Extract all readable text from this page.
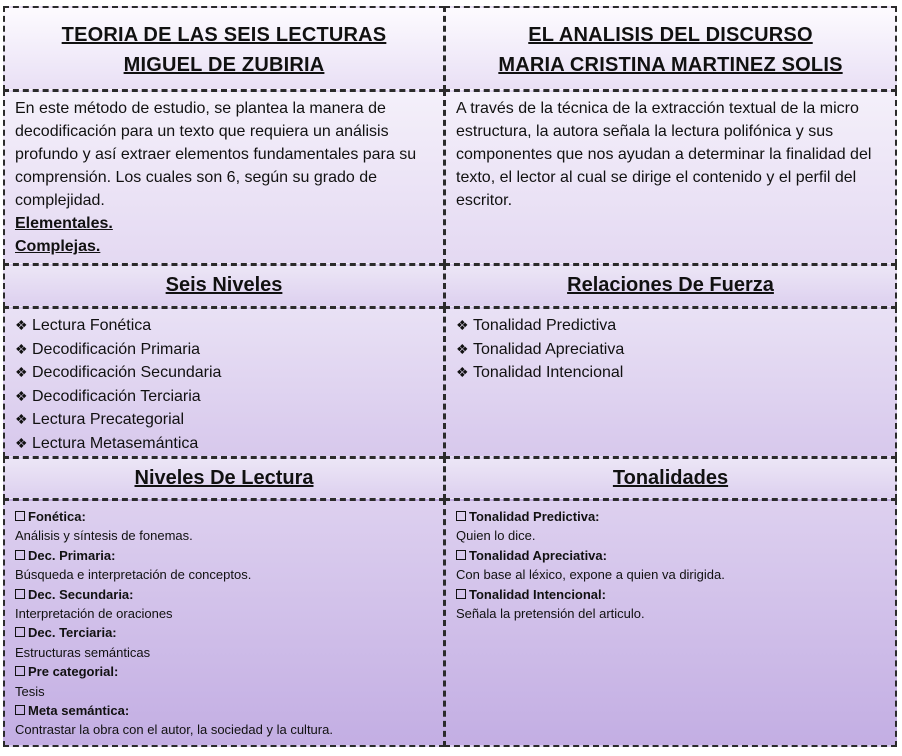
TEORIA DE LAS SEIS LECTURAS
MIGUEL DE ZUBIRIA
EL ANALISIS DEL DISCURSO
MARIA CRISTINA MARTINEZ SOLIS
En este método de estudio, se plantea la manera de decodificación para un texto que requiera un análisis profundo y así extraer elementos fundamentales para su comprensión. Los cuales son 6, según su grado de complejidad.
Elementales.
Complejas.
A través de la técnica de la extracción textual de la micro estructura, la autora señala la lectura polifónica y sus componentes que nos ayudan a determinar la finalidad del texto, el lector al cual se dirige el contenido y el perfil del escritor.
Seis Niveles	Relaciones De Fuerza
❖ Lectura Fonética
❖ Decodificación Primaria
❖ Decodificación Secundaria
❖ Decodificación Terciaria
❖ Lectura Precategorial
❖ Lectura Metasemántica
❖ Tonalidad Predictiva
❖ Tonalidad Apreciativa
❖ Tonalidad Intencional
Niveles De Lectura	Tonalidades
Fonética:
Análisis y síntesis de fonemas.
Dec. Primaria:
Búsqueda e interpretación de conceptos.
Dec. Secundaria:
Interpretación de oraciones
Dec. Terciaria:
Estructuras semánticas
Pre categorial:
Tesis
Meta semántica:
Contrastar la obra con el autor, la sociedad y la cultura.
Tonalidad Predictiva:
Quien lo dice.
Tonalidad Apreciativa:
Con base al léxico, expone a quien va dirigida.
Tonalidad Intencional:
Señala la pretensión del articulo.
